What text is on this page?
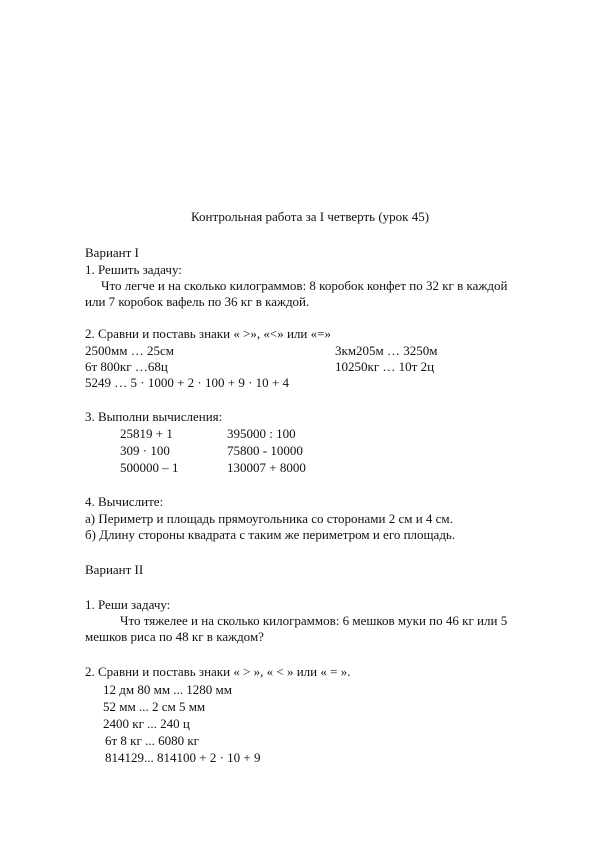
Контрольная работа за I четверть (урок 45)
Вариант I
1. Решить задачу:
Что легче и на сколько килограммов: 8 коробок конфет по 32 кг в каждой
или 7 коробок вафель по 36 кг в каждой.
2. Сравни и поставь знаки « >», «<» или «=»
2500мм … 25см	3км205м … 3250м
6т 800кг …68ц	10250кг … 10т 2ц
5249 … 5 · 1000 + 2 · 100 + 9 · 10 + 4
3. Выполни вычисления:
25819 + 1	395000 : 100
309 · 100	75800 - 10000
500000 – 1	130007 + 8000
4. Вычислите:
а) Периметр и площадь прямоугольника со сторонами 2 см и 4 см.
б) Длину стороны квадрата с таким же периметром и его площадь.
Вариант II
1. Реши задачу:
Что тяжелее и на сколько килограммов: 6 мешков муки по 46 кг или 5
мешков риса по 48 кг в каждом?
2. Сравни и поставь знаки « > », « < » или « = ».
12 дм 80 мм ... 1280 мм
52 мм ... 2 см 5 мм
2400 кг ... 240 ц
6т 8 кг ... 6080 кг
814129... 814100 + 2 · 10 + 9
